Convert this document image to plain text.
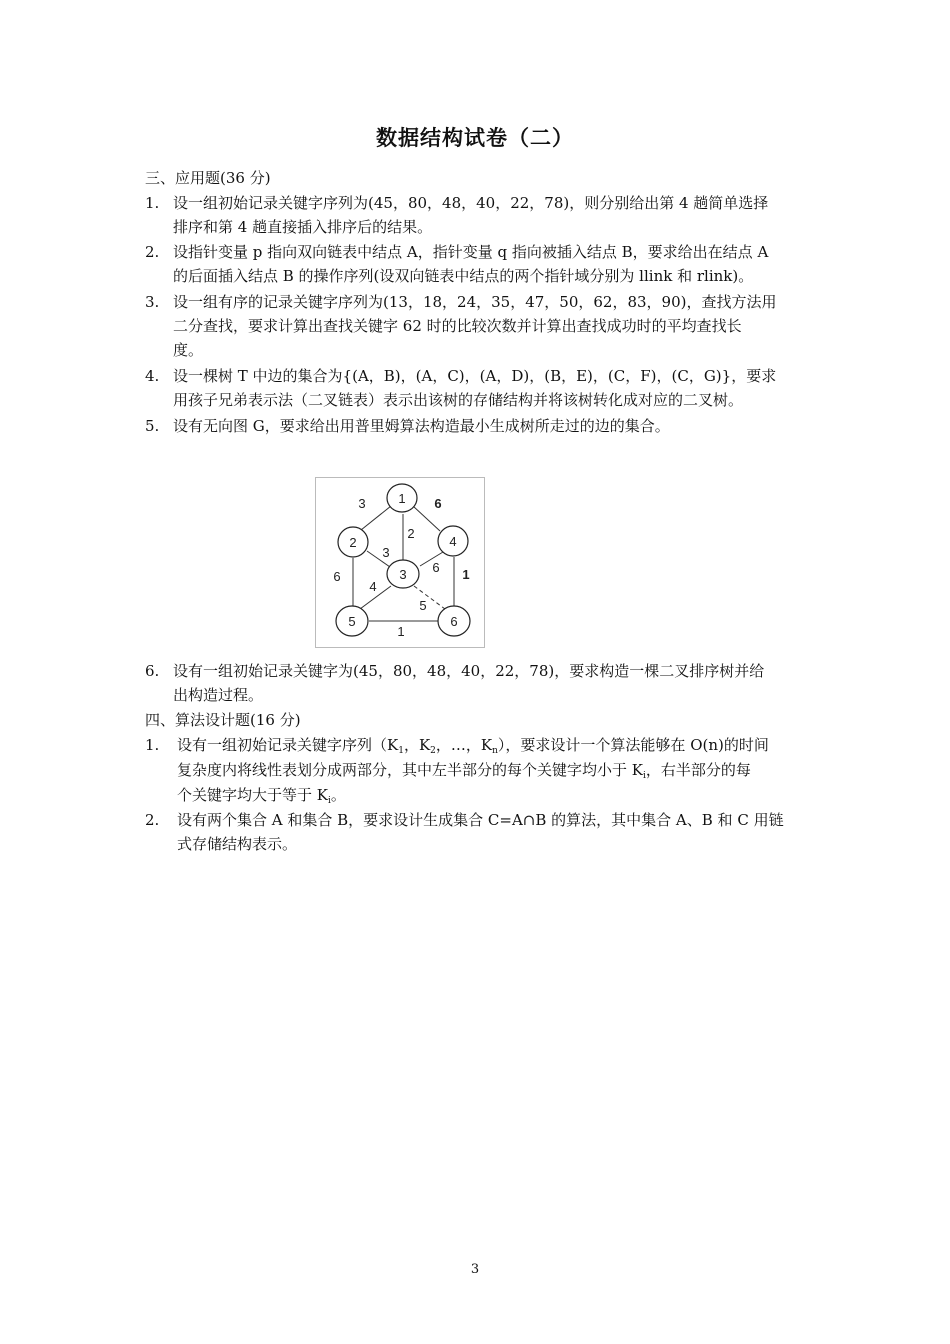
数据结构试卷（二）
三、应用题(36 分)
1. 设一组初始记录关键字序列为(45，80，48，40，22，78)，则分别给出第 4 趟简单选择
排序和第 4 趟直接插入排序后的结果。
2. 设指针变量 p 指向双向链表中结点 A，指针变量 q 指向被插入结点 B，要求给出在结点 A
的后面插入结点 B 的操作序列(设双向链表中结点的两个指针域分别为 llink 和 rlink)。
3. 设一组有序的记录关键字序列为(13，18，24，35，47，50，62，83，90)，查找方法用
二分查找，要求计算出查找关键字 62 时的比较次数并计算出查找成功时的平均查找长
度。
4. 设一棵树 T 中边的集合为{(A，B)，(A，C)，(A，D)，(B，E)，(C，F)，(C，G)}，要求
用孩子兄弟表示法（二叉链表）表示出该树的存储结构并将该树转化成对应的二叉树。
5. 设有无向图 G，要求给出用普里姆算法构造最小生成树所走过的边的集合。
1
2
3
4
5	6
3	6
2
3
6 1
6
4
5
1
6. 设有一组初始记录关键字为(45，80，48，40，22，78)，要求构造一棵二叉排序树并给
出构造过程。
四、算法设计题(16 分)
1. 设有一组初始记录关键字序列（$K_1$，$K_2$，…，$K_n$），要求设计一个算法能够在 O(n)的时间
复杂度内将线性表划分成两部分，其中左半部分的每个关键字均小于 $K_i$，右半部分的每
个关键字均大于等于 $K_i$。
2. 设有两个集合 A 和集合 B，要求设计生成集合 C=A∩B 的算法，其中集合 A、B 和 C 用链
式存储结构表示。
3
